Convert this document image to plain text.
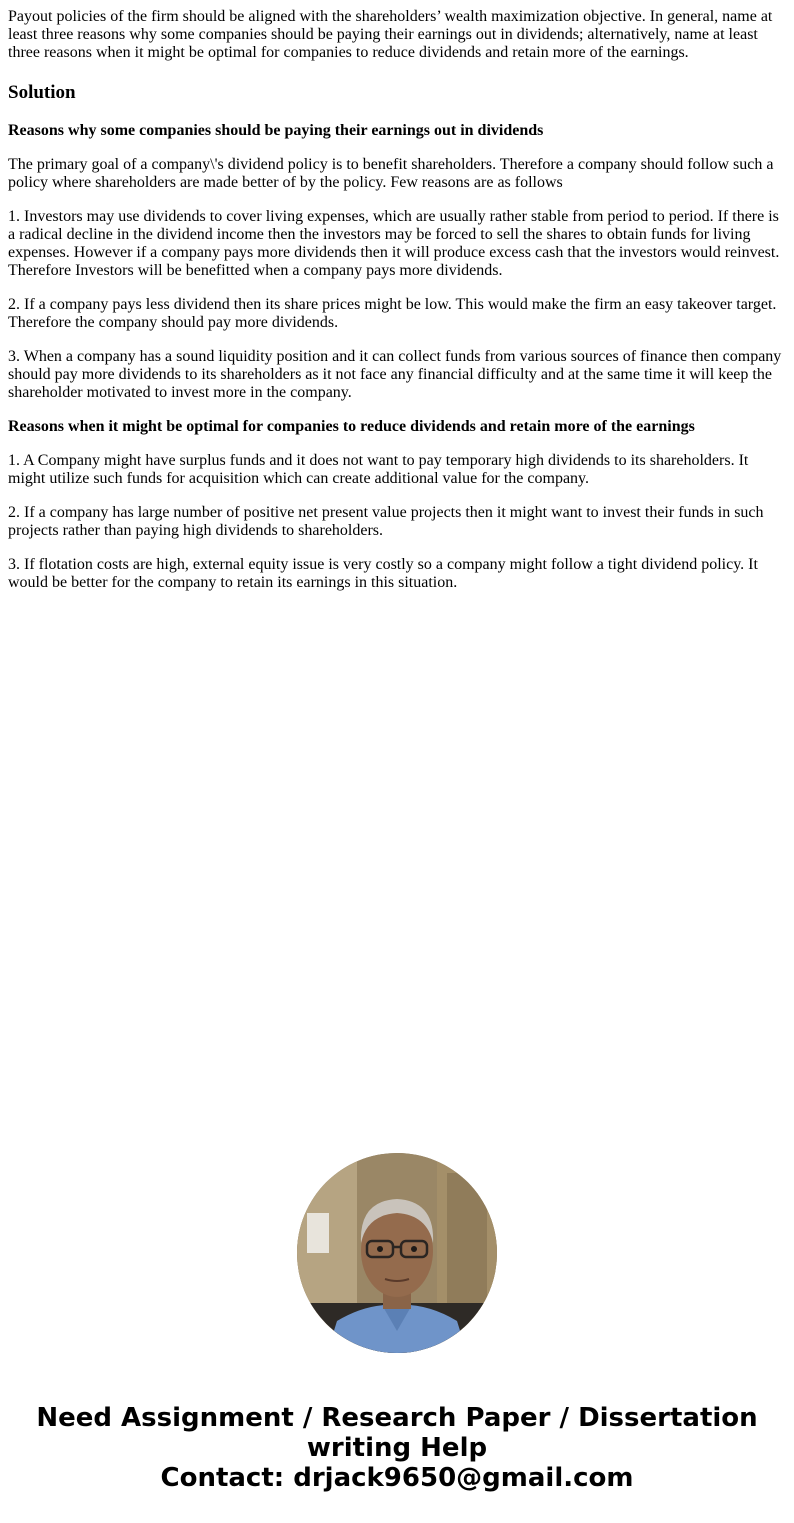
Payout policies of the firm should be aligned with the shareholders’ wealth maximization objective. In general, name at least three reasons why some companies should be paying their earnings out in dividends; alternatively, name at least three reasons when it might be optimal for companies to reduce dividends and retain more of the earnings.

Solution

Reasons why some companies should be paying their earnings out in dividends

The primary goal of a company\'s dividend policy is to benefit shareholders. Therefore a company should follow such a policy where shareholders are made better of by the policy. Few reasons are as follows

1. Investors may use dividends to cover living expenses, which are usually rather stable from period to period. If there is a radical decline in the dividend income then the investors may be forced to sell the shares to obtain funds for living expenses. However if a company pays more dividends then it will produce excess cash that the investors would reinvest. Therefore Investors will be benefitted when a company pays more dividends.

2. If a company pays less dividend then its share prices might be low. This would make the firm an easy takeover target. Therefore the company should pay more dividends.

3. When a company has a sound liquidity position and it can collect funds from various sources of finance then company should pay more dividends to its shareholders as it not face any financial difficulty and at the same time it will keep the shareholder motivated to invest more in the company.

Reasons when it might be optimal for companies to reduce dividends and retain more of the earnings

1. A Company might have surplus funds and it does not want to pay temporary high dividends to its shareholders. It might utilize such funds for acquisition which can create additional value for the company.

2. If a company has large number of positive net present value projects then it might want to invest their funds in such projects rather than paying high dividends to shareholders.

3. If flotation costs are high, external equity issue is very costly so a company might follow a tight dividend policy. It would be better for the company to retain its earnings in this situation.

Need Assignment / Research Paper / Dissertation
writing Help
Contact: drjack9650@gmail.com
